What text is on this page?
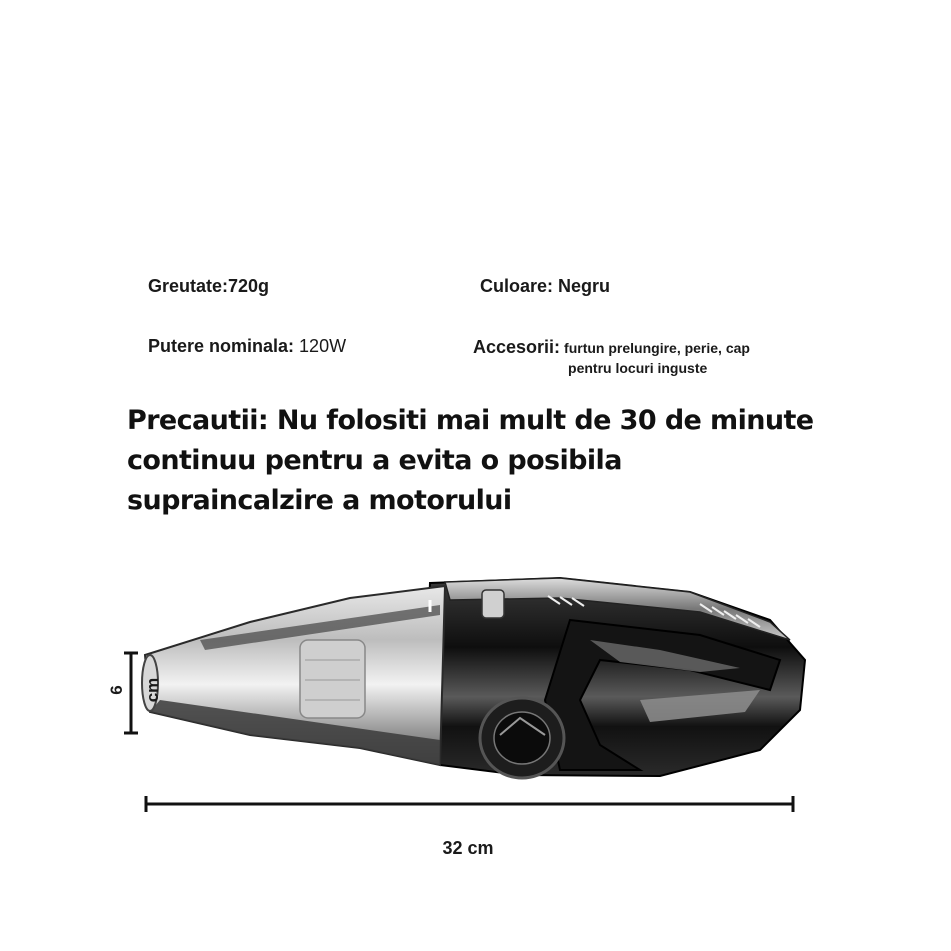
Greutate:720g	Culoare: Negru
Putere nominala: 120W	Accesorii: furtun prelungire, perie, cap
pentru locuri inguste
Precautii: Nu folositi mai mult de 30 de minute continuu pentru a evita o posibila supraincalzire a motorului
6 cm
32 cm
